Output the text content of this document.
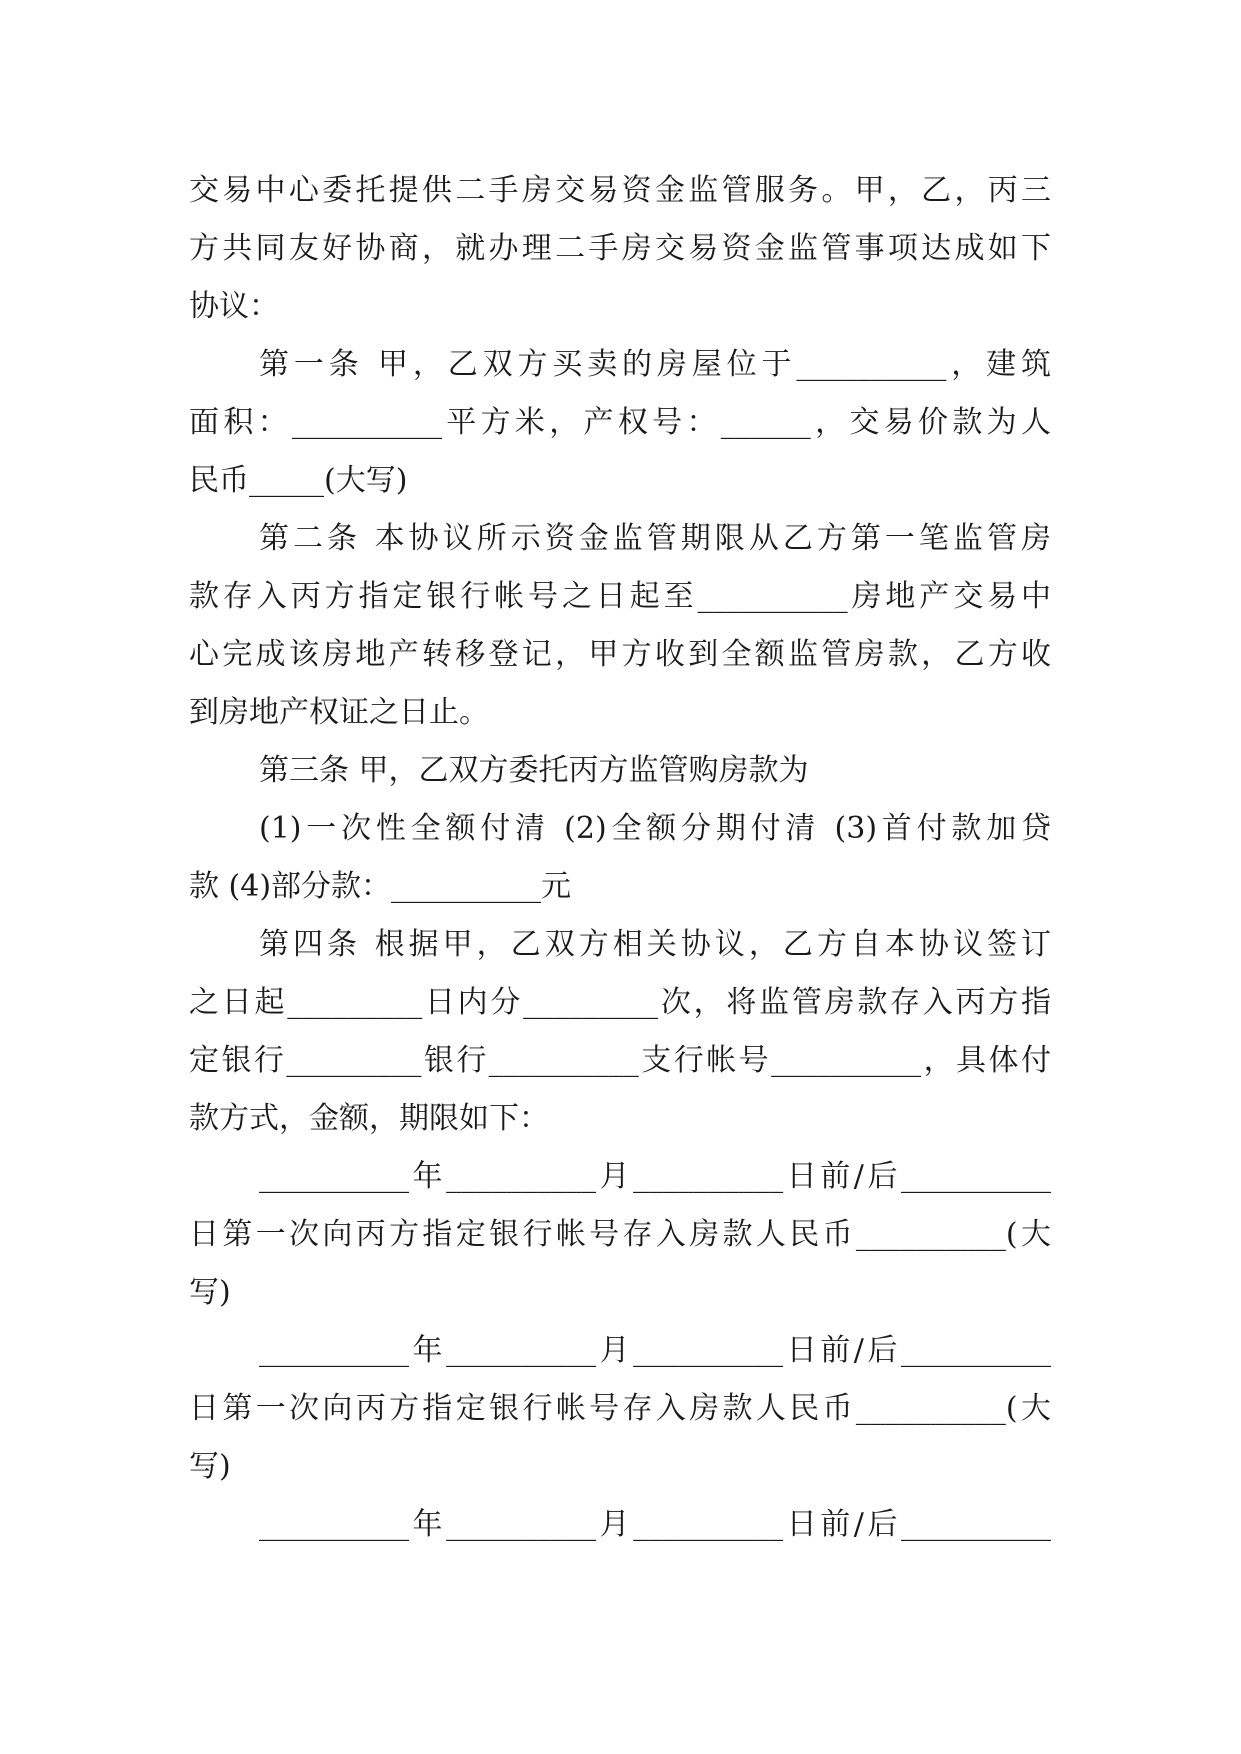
交易中心委托提供二手房交易资金监管服务。甲，乙，丙三
方共同友好协商，就办理二手房交易资金监管事项达成如下
协议：
第一条 甲，乙双方买卖的房屋位于__________，建筑
面积：__________平方米，产权号：______，交易价款为人
民币_____(大写)
第二条 本协议所示资金监管期限从乙方第一笔监管房
款存入丙方指定银行帐号之日起至__________房地产交易中
心完成该房地产转移登记，甲方收到全额监管房款，乙方收
到房地产权证之日止。
第三条 甲，乙双方委托丙方监管购房款为
(1)一次性全额付清 (2)全额分期付清 (3)首付款加贷
款 (4)部分款：__________元
第四条 根据甲，乙双方相关协议，乙方自本协议签订
之日起_________日内分_________次，将监管房款存入丙方指
定银行_________银行__________支行帐号__________，具体付
款方式，金额，期限如下：
__________年__________月__________日前/后__________
日第一次向丙方指定银行帐号存入房款人民币__________(大
写)
__________年__________月__________日前/后__________
日第一次向丙方指定银行帐号存入房款人民币__________(大
写)
__________年__________月__________日前/后__________
